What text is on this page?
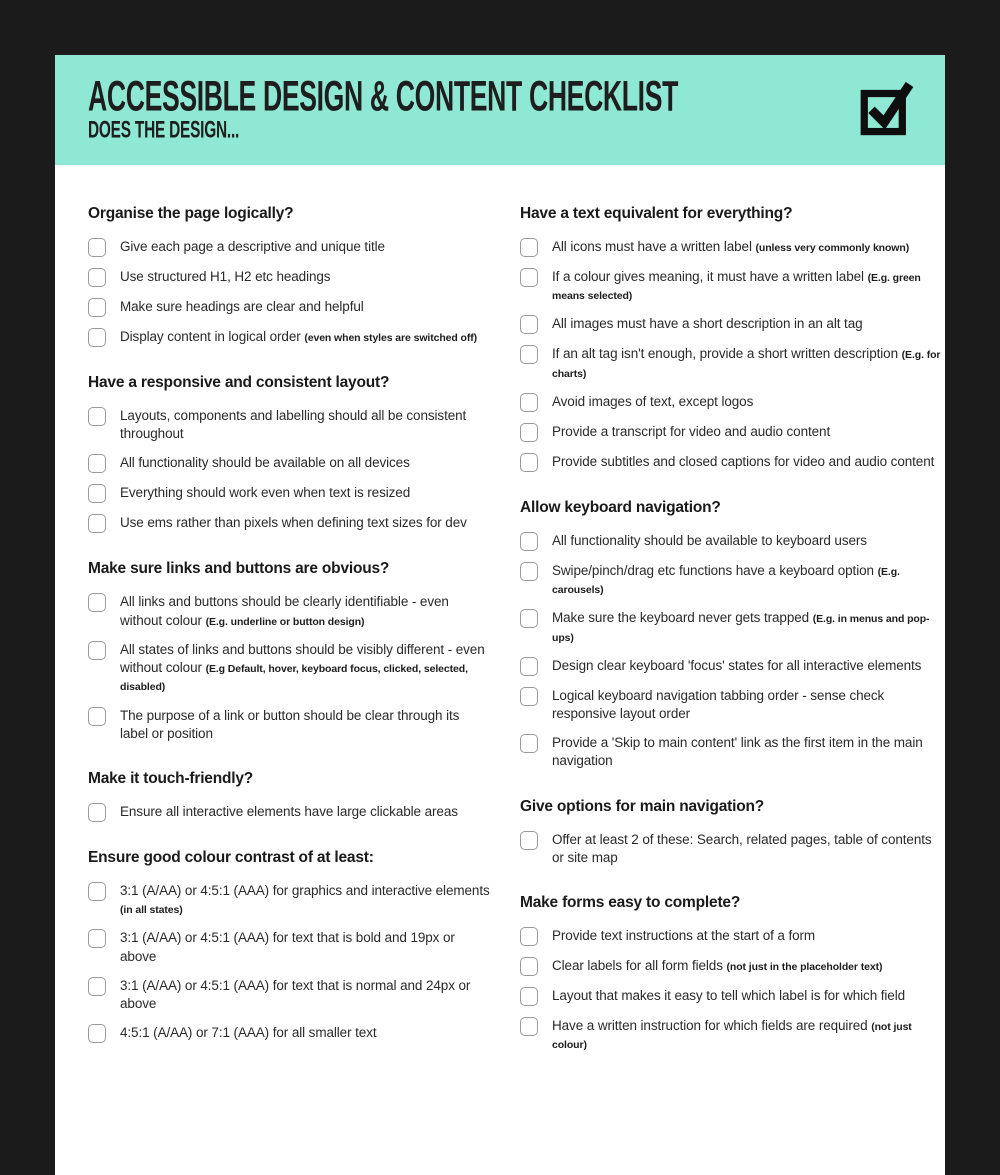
ACCESSIBLE DESIGN & CONTENT CHECKLIST
DOES THE DESIGN...
Organise the page logically?
Give each page a descriptive and unique title
Use structured H1, H2 etc headings
Make sure headings are clear and helpful
Display content in logical order (even when styles are switched off)
Have a responsive and consistent layout?
Layouts, components and labelling should all be consistent throughout
All functionality should be available on all devices
Everything should work even when text is resized
Use ems rather than pixels when defining text sizes for dev
Make sure links and buttons are obvious?
All links and buttons should be clearly identifiable - even without colour (E.g. underline or button design)
All states of links and buttons should be visibly different - even without colour (E.g Default, hover, keyboard focus, clicked, selected, disabled)
The purpose of a link or button should be clear through its label or position
Make it touch-friendly?
Ensure all interactive elements have large clickable areas
Ensure good colour contrast of at least:
3:1 (A/AA) or 4:5:1 (AAA) for graphics and interactive elements (in all states)
3:1 (A/AA) or 4:5:1 (AAA) for text that is bold and 19px or above
3:1 (A/AA) or 4:5:1 (AAA) for text that is normal and 24px or above
4:5:1 (A/AA) or 7:1 (AAA) for all smaller text
Have a text equivalent for everything?
All icons must have a written label (unless very commonly known)
If a colour gives meaning, it must have a written label (E.g. green means selected)
All images must have a short description in an alt tag
If an alt tag isn't enough, provide a short written description (E.g. for charts)
Avoid images of text, except logos
Provide a transcript for video and audio content
Provide subtitles and closed captions for video and audio content
Allow keyboard navigation?
All functionality should be available to keyboard users
Swipe/pinch/drag etc functions have a keyboard option (E.g. carousels)
Make sure the keyboard never gets trapped (E.g. in menus and pop-ups)
Design clear keyboard 'focus' states for all interactive elements
Logical keyboard navigation tabbing order - sense check responsive layout order
Provide a 'Skip to main content' link as the first item in the main navigation
Give options for main navigation?
Offer at least 2 of these: Search, related pages, table of contents or site map
Make forms easy to complete?
Provide text instructions at the start of a form
Clear labels for all form fields (not just in the placeholder text)
Layout that makes it easy to tell which label is for which field
Have a written instruction for which fields are required (not just colour)
